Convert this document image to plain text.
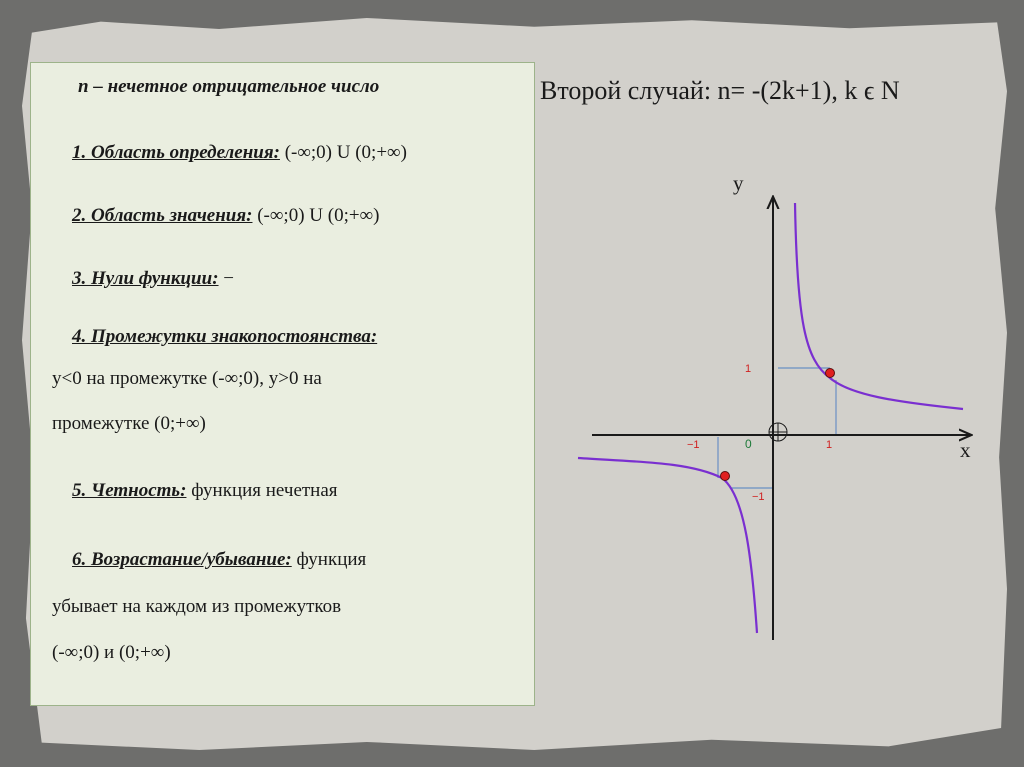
n – нечетное отрицательное число
1. Область определения: (-∞;0) U (0;+∞)
2. Область значения: (-∞;0) U (0;+∞)
3. Нули функции: −
4. Промежутки знакопостоянства:
у<0 на промежутке (-∞;0), у>0 на
промежутке (0;+∞)
5. Четность: функция нечетная
6. Возрастание/убывание: функция
убывает на каждом из промежутков
(-∞;0) и (0;+∞)
Второй случай: n= -(2k+1), k ϵ N
y
x
0
−1	1
1
−1
